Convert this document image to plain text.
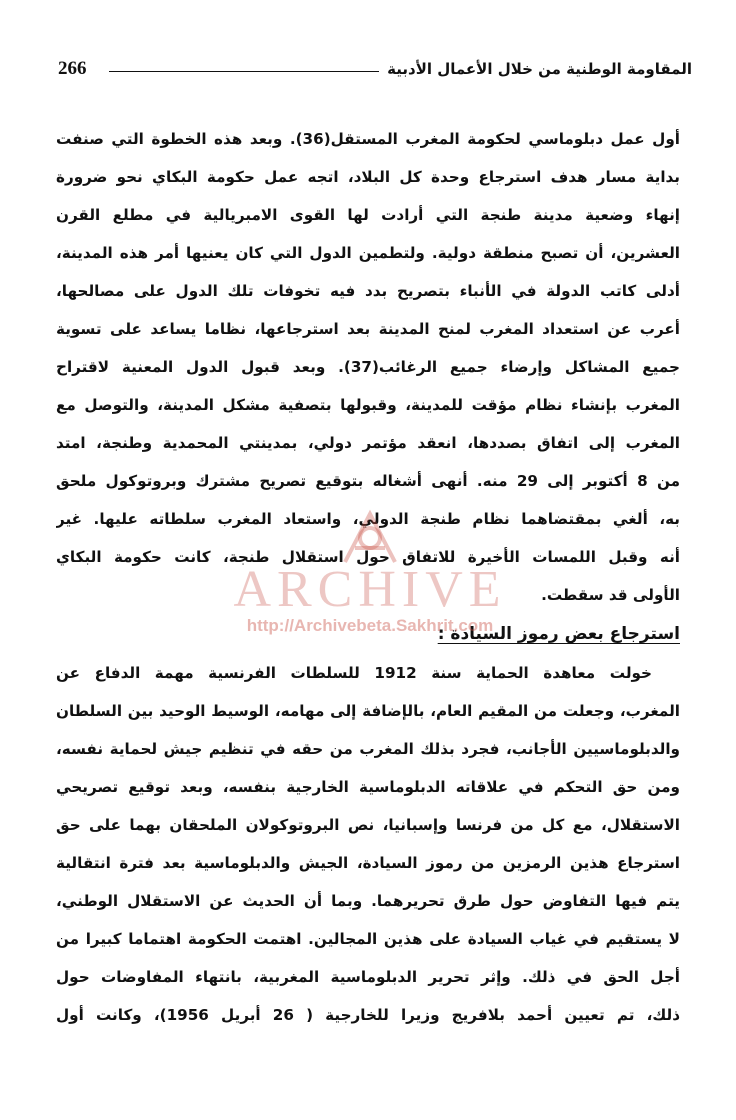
266	المقاومة الوطنية من خلال الأعمال الأدبية
أول عمل دبلوماسي لحكومة المغرب المستقل(36). وبعد هذه الخطوة التي صنفت
بداية مسار هدف استرجاع وحدة كل البلاد، اتجه عمل حكومة البكاي نحو ضرورة
إنهاء وضعية مدينة طنجة التي أرادت لها القوى الامبريالية في مطلع القرن
العشرين، أن تصبح منطقة دولية. ولتطمين الدول التي كان يعنيها أمر هذه المدينة،
أدلى كاتب الدولة في الأنباء بتصريح بدد فيه تخوفات تلك الدول على مصالحها،
أعرب عن استعداد المغرب لمنح المدينة بعد استرجاعها، نظاما يساعد على تسوية
جميع المشاكل وإرضاء جميع الرغائب(37). وبعد قبول الدول المعنية لاقتراح
المغرب بإنشاء نظام مؤقت للمدينة، وقبولها بتصفية مشكل المدينة، والتوصل مع
المغرب إلى اتفاق بصددها، انعقد مؤتمر دولي، بمدينتي المحمدية وطنجة، امتد
من 8 أكتوبر إلى 29 منه. أنهى أشغاله بتوقيع تصريح مشترك وبروتوكول ملحق
به، ألغي بمقتضاهما نظام طنجة الدولي، واستعاد المغرب سلطاته عليها. غير
أنه وقبل اللمسات الأخيرة للاتفاق حول استقلال طنجة، كانت حكومة البكاي
الأولى قد سقطت.
استرجاع بعض رموز السيادة :
خولت معاهدة الحماية سنة 1912 للسلطات الفرنسية مهمة الدفاع عن
المغرب، وجعلت من المقيم العام، بالإضافة إلى مهامه، الوسيط الوحيد بين السلطان
والدبلوماسيين الأجانب، فجرد بذلك المغرب من حقه في تنظيم جيش لحماية نفسه،
ومن حق التحكم في علاقاته الدبلوماسية الخارجية بنفسه، وبعد توقيع تصريحي
الاستقلال، مع كل من فرنسا وإسبانيا، نص البروتوكولان الملحقان بهما على حق
استرجاع هذين الرمزين من رموز السيادة، الجيش والدبلوماسية بعد فترة انتقالية
يتم فيها التفاوض حول طرق تحريرهما. وبما أن الحديث عن الاستقلال الوطني،
لا يستقيم في غياب السيادة على هذين المجالين. اهتمت الحكومة اهتماما كبيرا من
أجل الحق في ذلك. وإثر تحرير الدبلوماسية المغربية، بانتهاء المفاوضات حول
ذلك، تم تعيين أحمد بلافريج وزيرا للخارجية ( 26 أبريل 1956)، وكانت أول
ARCHIVE
http://Archivebeta.Sakhrit.com
